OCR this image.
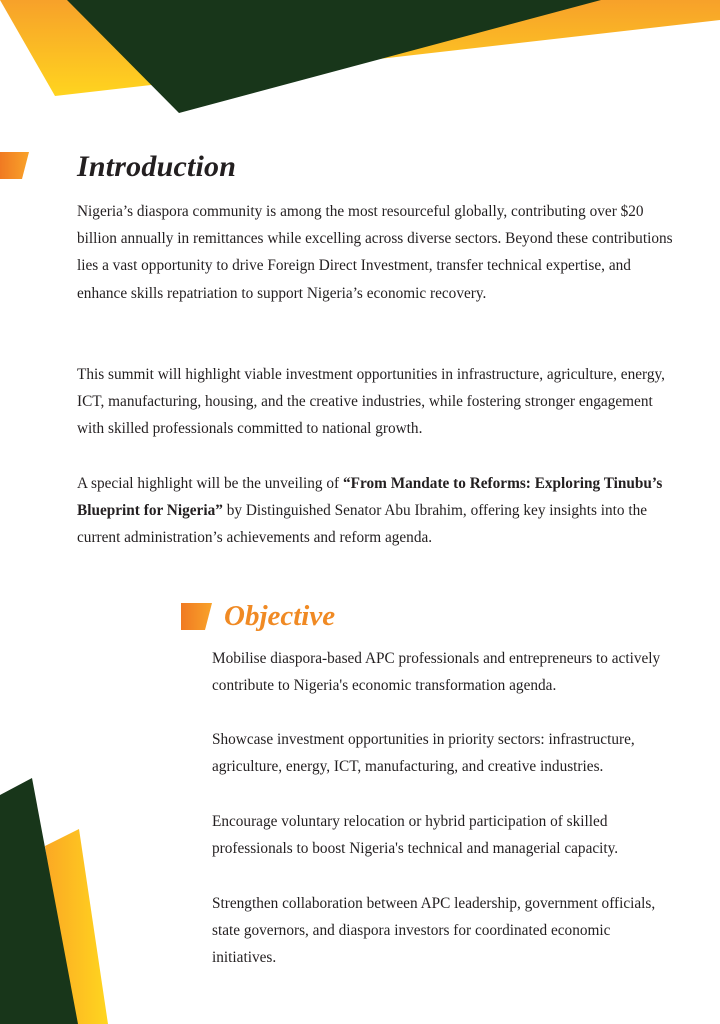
Introduction

Nigeria’s diaspora community is among the most resourceful globally, contributing over $20 billion annually in remittances while excelling across diverse sectors. Beyond these contributions lies a vast opportunity to drive Foreign Direct Investment, transfer technical expertise, and enhance skills repatriation to support Nigeria’s economic recovery.

This summit will highlight viable investment opportunities in infrastructure, agriculture, energy, ICT, manufacturing, housing, and the creative industries, while fostering stronger engagement with skilled professionals committed to national growth.

A special highlight will be the unveiling of “From Mandate to Reforms: Exploring Tinubu’s Blueprint for Nigeria” by Distinguished Senator Abu Ibrahim, offering key insights into the current administration’s achievements and reform agenda.

Objective

Mobilise diaspora-based APC professionals and entrepreneurs to actively contribute to Nigeria's economic transformation agenda.

Showcase investment opportunities in priority sectors: infrastructure, agriculture, energy, ICT, manufacturing, and creative industries.

Encourage voluntary relocation or hybrid participation of skilled professionals to boost Nigeria's technical and managerial capacity.

Strengthen collaboration between APC leadership, government officials, state governors, and diaspora investors for coordinated economic initiatives.
